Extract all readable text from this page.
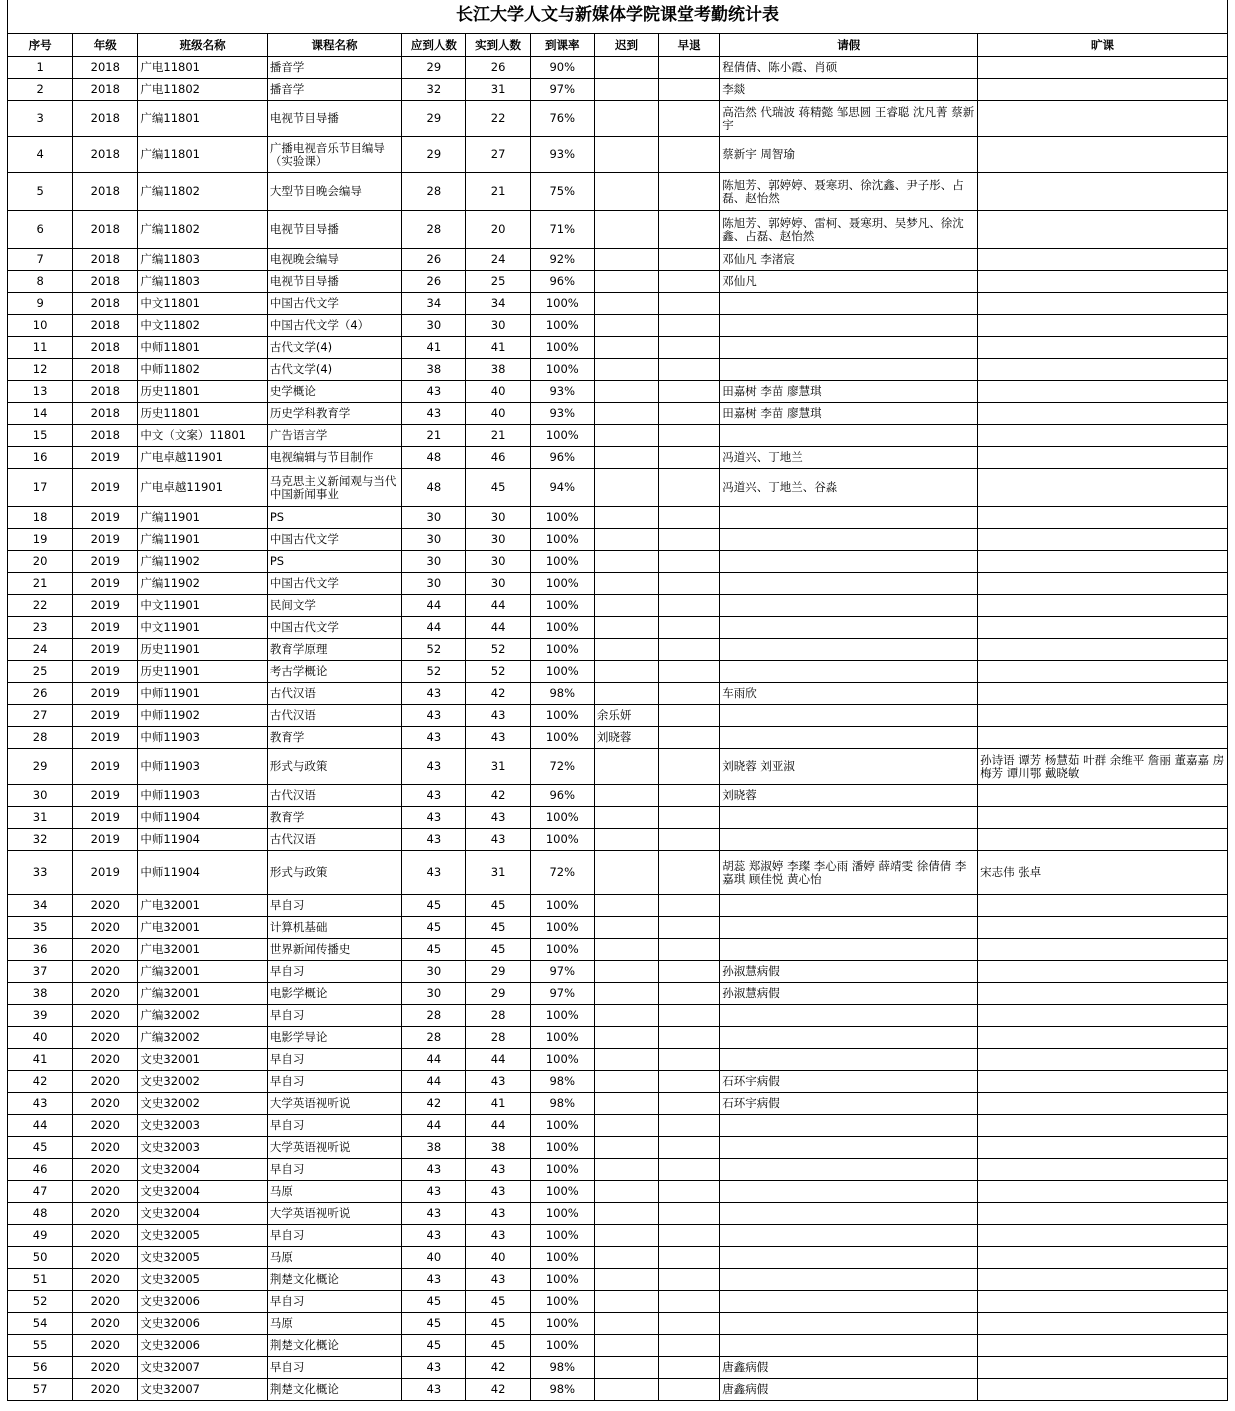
长江大学人文与新媒体学院课堂考勤统计表
序号	年级	班级名称	课程名称	应到人数	实到人数	到课率	迟到	早退	请假	旷课
1	2018	广电11801	播音学	29	26	90%			程倩倩、陈小霞、肖硕	
2	2018	广电11802	播音学	32	31	97%			李燚	
3	2018	广编11801	电视节目导播	29	22	76%			高浩然 代瑞波 蒋精懿 邹思圆 王睿聪 沈凡菁 蔡新宇	
4	2018	广编11801	广播电视音乐节目编导（实验课）	29	27	93%			蔡新宇 周智瑜	
5	2018	广编11802	大型节目晚会编导	28	21	75%			陈旭芳、郭婷婷、聂寒玥、徐沈鑫、尹子彤、占磊、赵怡然	
6	2018	广编11802	电视节目导播	28	20	71%			陈旭芳、郭婷婷、雷柯、聂寒玥、吴梦凡、徐沈鑫、占磊、赵怡然	
7	2018	广编11803	电视晚会编导	26	24	92%			邓仙凡 李渚宸	
8	2018	广编11803	电视节目导播	26	25	96%			邓仙凡	
9	2018	中文11801	中国古代文学	34	34	100%				
10	2018	中文11802	中国古代文学（4）	30	30	100%				
11	2018	中师11801	古代文学(4)	41	41	100%				
12	2018	中师11802	古代文学(4)	38	38	100%				
13	2018	历史11801	史学概论	43	40	93%			田嘉树 李苗 廖慧琪	
14	2018	历史11801	历史学科教育学	43	40	93%			田嘉树 李苗 廖慧琪	
15	2018	中文（文案）11801	广告语言学	21	21	100%				
16	2019	广电卓越11901	电视编辑与节目制作	48	46	96%			冯道兴、丁地兰	
17	2019	广电卓越11901	马克思主义新闻观与当代中国新闻事业	48	45	94%			冯道兴、丁地兰、谷淼	
18	2019	广编11901	PS	30	30	100%				
19	2019	广编11901	中国古代文学	30	30	100%				
20	2019	广编11902	PS	30	30	100%				
21	2019	广编11902	中国古代文学	30	30	100%				
22	2019	中文11901	民间文学	44	44	100%				
23	2019	中文11901	中国古代文学	44	44	100%				
24	2019	历史11901	教育学原理	52	52	100%				
25	2019	历史11901	考古学概论	52	52	100%				
26	2019	中师11901	古代汉语	43	42	98%			车雨欣	
27	2019	中师11902	古代汉语	43	43	100%	余乐妍			
28	2019	中师11903	教育学	43	43	100%	刘晓蓉			
29	2019	中师11903	形式与政策	43	31	72%			刘晓蓉 刘亚淑	孙诗语 谭芳 杨慧茹 叶群 余维平 詹丽 董嘉嘉 房梅芳 谭川鄂 戴晓敏
30	2019	中师11903	古代汉语	43	42	96%			刘晓蓉	
31	2019	中师11904	教育学	43	43	100%				
32	2019	中师11904	古代汉语	43	43	100%				
33	2019	中师11904	形式与政策	43	31	72%			胡蕊 郑淑婷 李璨 李心雨 潘婷 薛靖雯 徐倩倩 李嘉琪 顾佳悦 黄心怡	宋志伟 张卓
34	2020	广电32001	早自习	45	45	100%				
35	2020	广电32001	计算机基础	45	45	100%				
36	2020	广电32001	世界新闻传播史	45	45	100%				
37	2020	广编32001	早自习	30	29	97%			孙淑慧病假	
38	2020	广编32001	电影学概论	30	29	97%			孙淑慧病假	
39	2020	广编32002	早自习	28	28	100%				
40	2020	广编32002	电影学导论	28	28	100%				
41	2020	文史32001	早自习	44	44	100%				
42	2020	文史32002	早自习	44	43	98%			石环宇病假	
43	2020	文史32002	大学英语视听说	42	41	98%			石环宇病假	
44	2020	文史32003	早自习	44	44	100%				
45	2020	文史32003	大学英语视听说	38	38	100%				
46	2020	文史32004	早自习	43	43	100%				
47	2020	文史32004	马原	43	43	100%				
48	2020	文史32004	大学英语视听说	43	43	100%				
49	2020	文史32005	早自习	43	43	100%				
50	2020	文史32005	马原	40	40	100%				
51	2020	文史32005	荆楚文化概论	43	43	100%				
52	2020	文史32006	早自习	45	45	100%				
54	2020	文史32006	马原	45	45	100%				
55	2020	文史32006	荆楚文化概论	45	45	100%				
56	2020	文史32007	早自习	43	42	98%			唐鑫病假	
57	2020	文史32007	荆楚文化概论	43	42	98%			唐鑫病假	
